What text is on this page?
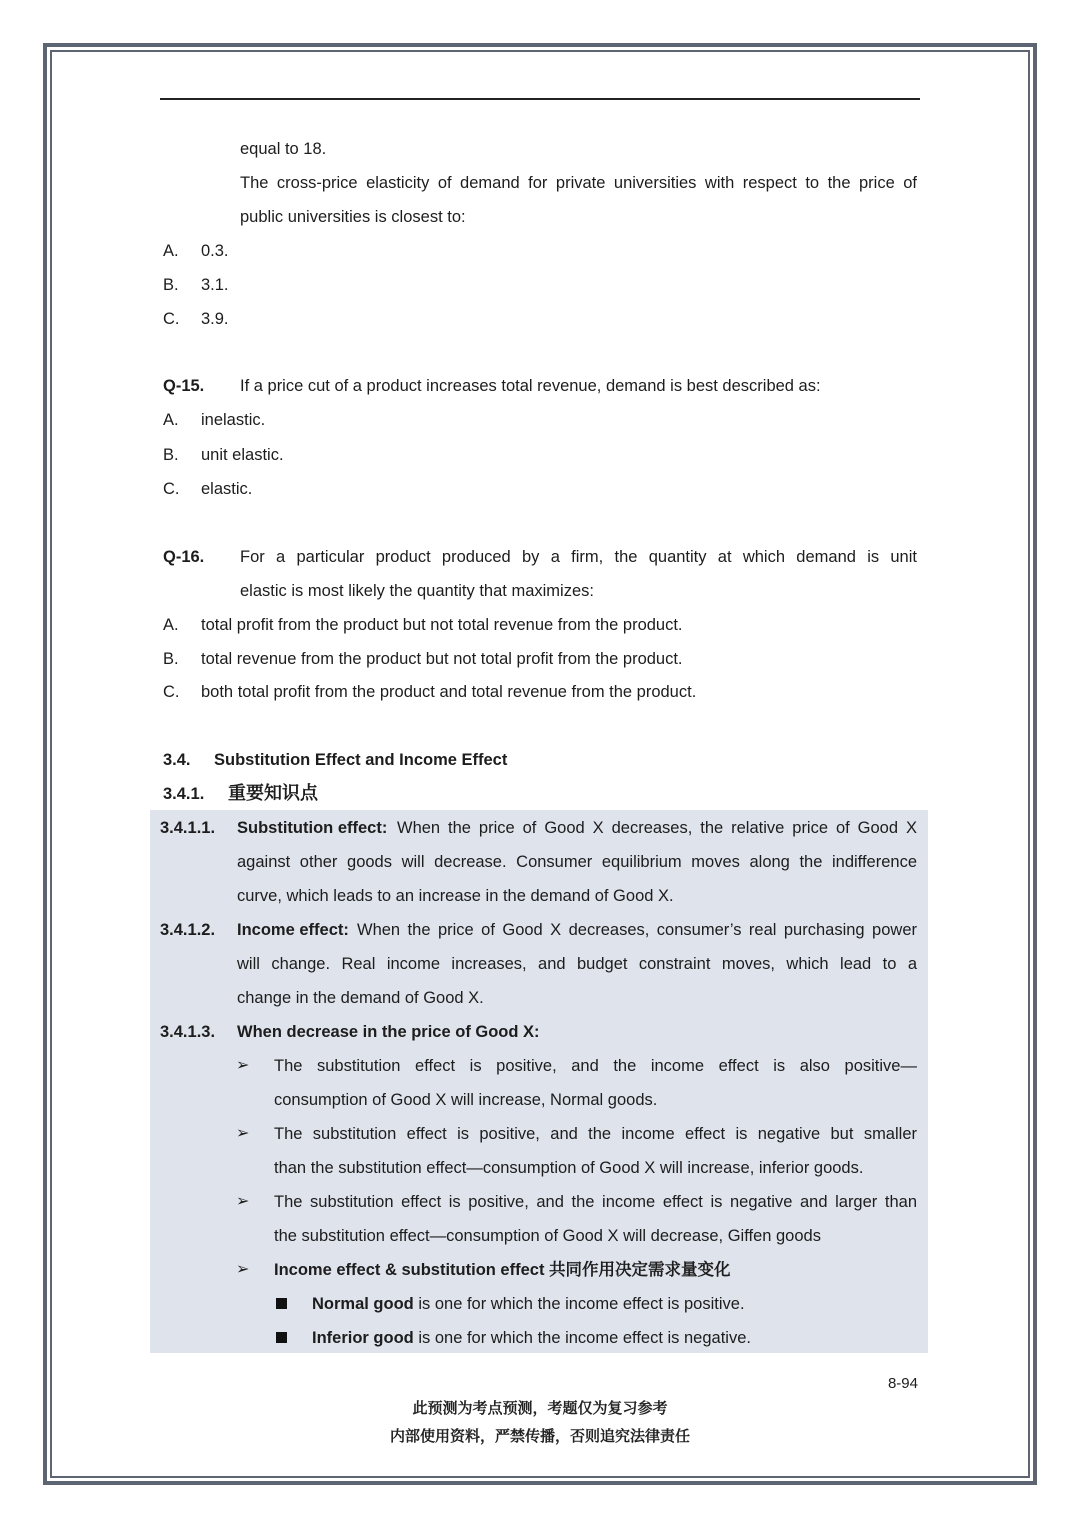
equal to 18.
The cross-price elasticity of demand for private universities with respect to the price of
public universities is closest to:
A. 0.3.
B. 3.1.
C. 3.9.
Q-15. If a price cut of a product increases total revenue, demand is best described as:
A. inelastic.
B. unit elastic.
C. elastic.
Q-16. For a particular product produced by a firm, the quantity at which demand is unit
elastic is most likely the quantity that maximizes:
A. total profit from the product but not total revenue from the product.
B. total revenue from the product but not total profit from the product.
C. both total profit from the product and total revenue from the product.
3.4. Substitution Effect and Income Effect
3.4.1. 重要知识点
3.4.1.1. Substitution effect: When the price of Good X decreases, the relative price of Good X
against other goods will decrease. Consumer equilibrium moves along the indifference
curve, which leads to an increase in the demand of Good X.
3.4.1.2. Income effect: When the price of Good X decreases, consumer’s real purchasing power
will change. Real income increases, and budget constraint moves, which lead to a
change in the demand of Good X.
3.4.1.3. When decrease in the price of Good X:
➢ The substitution effect is positive, and the income effect is also positive—
consumption of Good X will increase, Normal goods.
➢ The substitution effect is positive, and the income effect is negative but smaller
than the substitution effect—consumption of Good X will increase, inferior goods.
➢ The substitution effect is positive, and the income effect is negative and larger than
the substitution effect—consumption of Good X will decrease, Giffen goods
➢ Income effect & substitution effect 共同作用决定需求量变化
Normal good is one for which the income effect is positive.
Inferior good is one for which the income effect is negative.
8-94
此预测为考点预测，考题仅为复习参考
内部使用资料，严禁传播，否则追究法律责任
